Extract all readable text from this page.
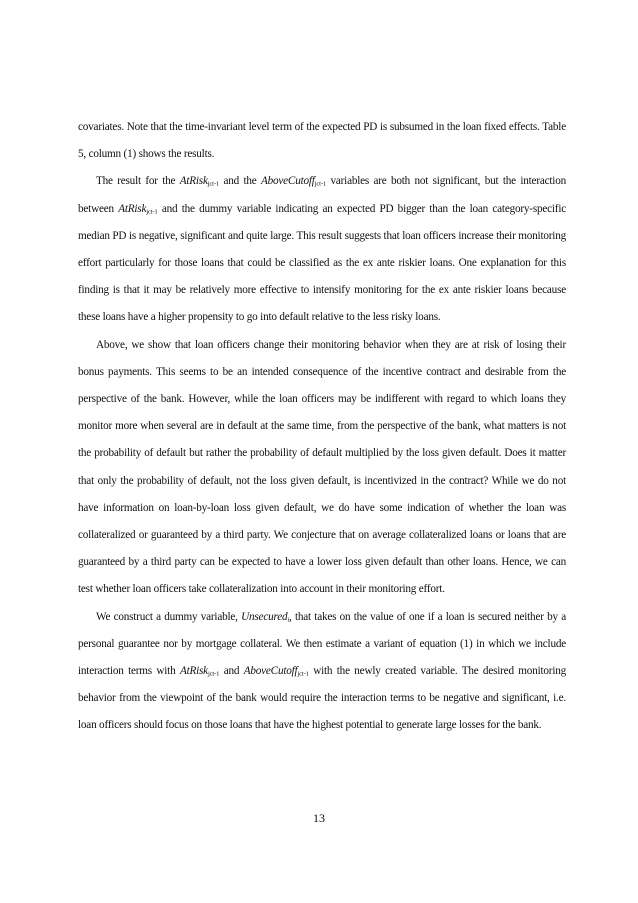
covariates. Note that the time-invariant level term of the expected PD is subsumed in the loan fixed effects. Table 5, column (1) shows the results.

The result for the AtRisk$_{jct-1}$ and the AboveCutoff$_{jct-1}$ variables are both not significant, but the interaction between AtRisk$_{jct-1}$ and the dummy variable indicating an expected PD bigger than the loan category-specific median PD is negative, significant and quite large. This result suggests that loan officers increase their monitoring effort particularly for those loans that could be classified as the ex ante riskier loans. One explanation for this finding is that it may be relatively more effective to intensify monitoring for the ex ante riskier loans because these loans have a higher propensity to go into default relative to the less risky loans.

Above, we show that loan officers change their monitoring behavior when they are at risk of losing their bonus payments. This seems to be an intended consequence of the incentive contract and desirable from the perspective of the bank. However, while the loan officers may be indifferent with regard to which loans they monitor more when several are in default at the same time, from the perspective of the bank, what matters is not the probability of default but rather the probability of default multiplied by the loss given default. Does it matter that only the probability of default, not the loss given default, is incentivized in the contract? While we do not have information on loan-by-loan loss given default, we do have some indication of whether the loan was collateralized or guaranteed by a third party. We conjecture that on average collateralized loans or loans that are guaranteed by a third party can be expected to have a lower loss given default than other loans. Hence, we can test whether loan officers take collateralization into account in their monitoring effort.

We construct a dummy variable, Unsecured$_i$, that takes on the value of one if a loan is secured neither by a personal guarantee nor by mortgage collateral. We then estimate a variant of equation (1) in which we include interaction terms with AtRisk$_{jct-1}$ and AboveCutoff$_{jct-1}$ with the newly created variable. The desired monitoring behavior from the viewpoint of the bank would require the interaction terms to be negative and significant, i.e. loan officers should focus on those loans that have the highest potential to generate large losses for the bank.

13
